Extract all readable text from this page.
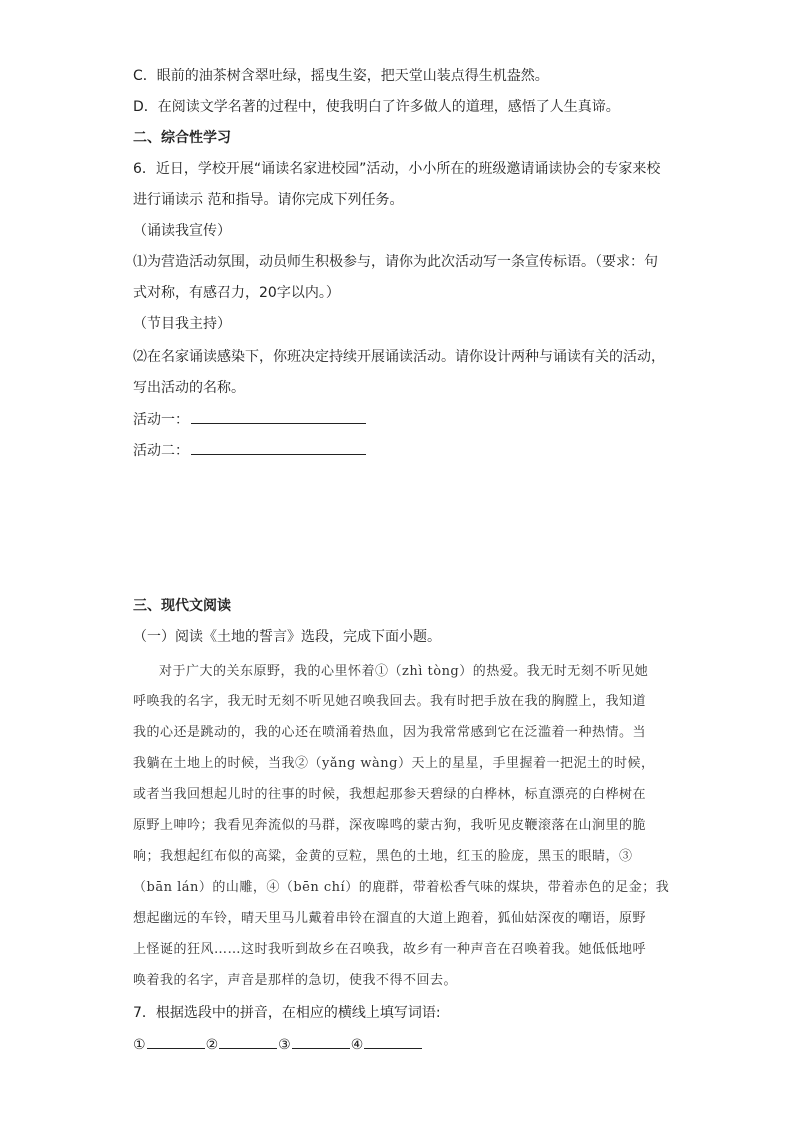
C．眼前的油茶树含翠吐绿，摇曳生姿，把天堂山装点得生机盎然。
D．在阅读文学名著的过程中，使我明白了许多做人的道理，感悟了人生真谛。
二、综合性学习
6．近日，学校开展“诵读名家进校园”活动，小小所在的班级邀请诵读协会的专家来校
进行诵读示 范和指导。请你完成下列任务。
（诵读我宣传）
⑴为营造活动氛围，动员师生积极参与，请你为此次活动写一条宣传标语。（要求：句
式对称，有感召力，20字以内。）
（节目我主持）
⑵在名家诵读感染下，你班决定持续开展诵读活动。请你设计两种与诵读有关的活动，
写出活动的名称。
活动一：
活动二：
三、现代文阅读
（一）阅读《土地的誓言》选段，完成下面小题。
对于广大的关东原野，我的心里怀着①（zhì tòng）的热爱。我无时无刻不听见她
呼唤我的名字，我无时无刻不听见她召唤我回去。我有时把手放在我的胸膛上，我知道
我的心还是跳动的，我的心还在喷涌着热血，因为我常常感到它在泛滥着一种热情。当
我躺在土地上的时候，当我②（yǎng wàng）天上的星星，手里握着一把泥土的时候，
或者当我回想起儿时的往事的时候，我想起那参天碧绿的白桦林，标直漂亮的白桦树在
原野上呻吟；我看见奔流似的马群，深夜嗥鸣的蒙古狗，我听见皮鞭滚落在山涧里的脆
响；我想起红布似的高粱，金黄的豆粒，黑色的土地，红玉的脸庞，黑玉的眼睛，③
（bān lán）的山雕，④（bēn chí）的鹿群，带着松香气味的煤块，带着赤色的足金；我
想起幽远的车铃，晴天里马儿戴着串铃在溜直的大道上跑着，狐仙姑深夜的嘲语，原野
上怪诞的狂风……这时我听到故乡在召唤我，故乡有一种声音在召唤着我。她低低地呼
唤着我的名字，声音是那样的急切，使我不得不回去。
7．根据选段中的拼音，在相应的横线上填写词语:
①	②	③	④
